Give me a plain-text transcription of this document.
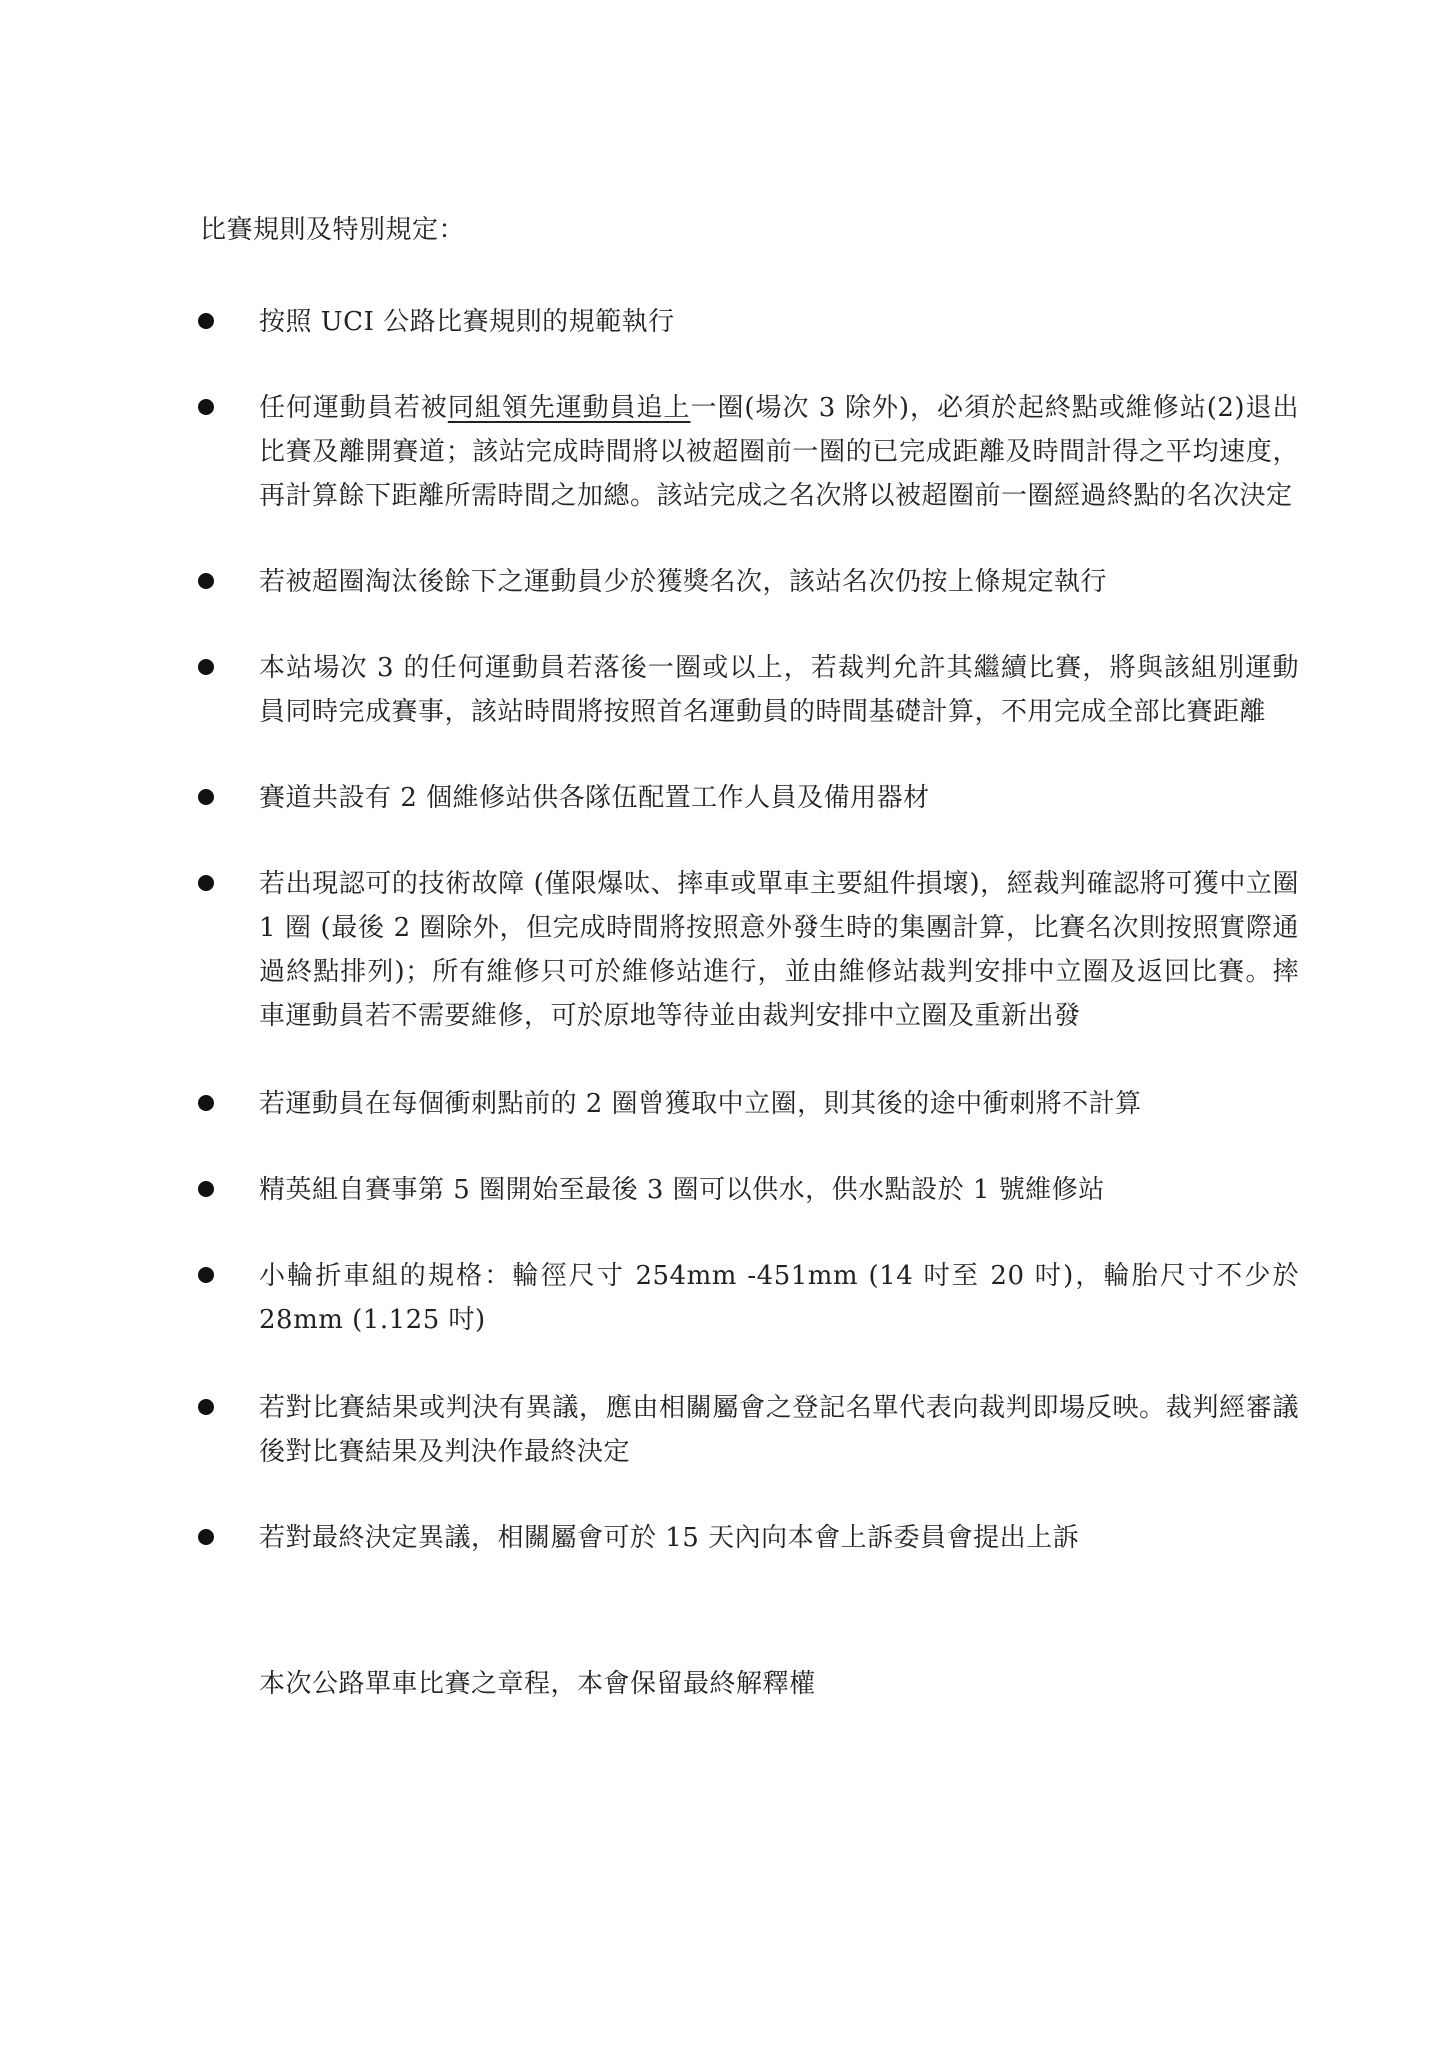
比賽規則及特別規定：
按照 UCI 公路比賽規則的規範執行
任何運動員若被同組領先運動員追上一圈(場次 3 除外)，必須於起終點或維修站(2)退出比賽及離開賽道；該站完成時間將以被超圈前一圈的已完成距離及時間計得之平均速度，再計算餘下距離所需時間之加總。該站完成之名次將以被超圈前一圈經過終點的名次決定
若被超圈淘汰後餘下之運動員少於獲獎名次，該站名次仍按上條規定執行
本站場次 3 的任何運動員若落後一圈或以上，若裁判允許其繼續比賽，將與該組別運動員同時完成賽事，該站時間將按照首名運動員的時間基礎計算，不用完成全部比賽距離
賽道共設有 2 個維修站供各隊伍配置工作人員及備用器材
若出現認可的技術故障 (僅限爆呔、摔車或單車主要組件損壞)，經裁判確認將可獲中立圈 1 圈 (最後 2 圈除外，但完成時間將按照意外發生時的集團計算，比賽名次則按照實際通過終點排列)；所有維修只可於維修站進行，並由維修站裁判安排中立圈及返回比賽。摔車運動員若不需要維修，可於原地等待並由裁判安排中立圈及重新出發
若運動員在每個衝刺點前的 2 圈曾獲取中立圈，則其後的途中衝刺將不計算
精英組自賽事第 5 圈開始至最後 3 圈可以供水，供水點設於 1 號維修站
小輪折車組的規格：輪徑尺寸 254mm -451mm (14 吋至 20 吋)，輪胎尺寸不少於 28mm (1.125 吋)
若對比賽結果或判決有異議，應由相關屬會之登記名單代表向裁判即場反映。裁判經審議後對比賽結果及判決作最終決定
若對最終決定異議，相關屬會可於 15 天內向本會上訴委員會提出上訴
本次公路單車比賽之章程，本會保留最終解釋權
